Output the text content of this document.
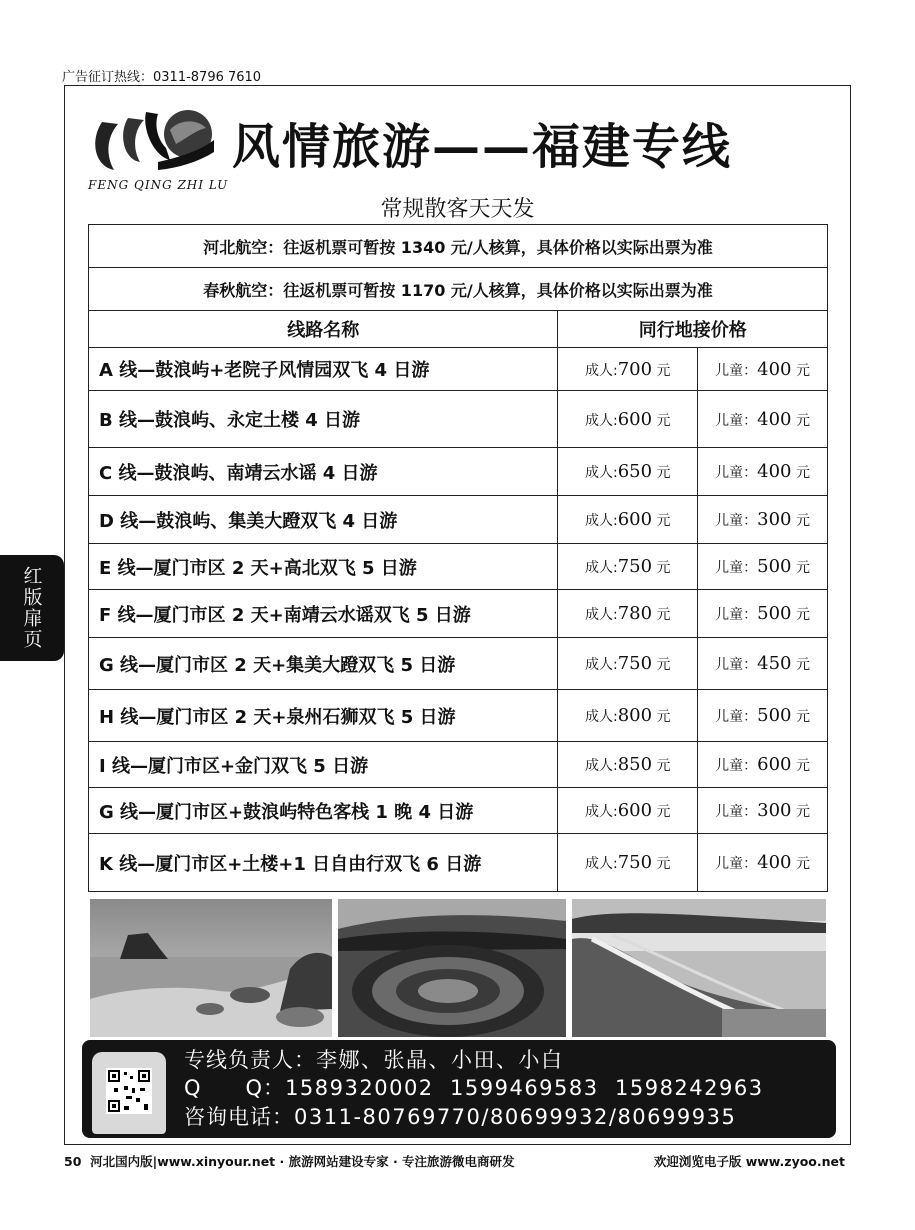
广告征订热线：0311-8796 7610
FENG QING ZHI LU
风情旅游——福建专线
常规散客天天发
河北航空：往返机票可暂按 1340 元/人核算，具体价格以实际出票为准		
春秋航空：往返机票可暂按 1170 元/人核算，具体价格以实际出票为准		
线路名称	同行地接价格	
A 线—鼓浪屿+老院子风情园双飞 4 日游	成人:700 元	儿童：400 元
B 线—鼓浪屿、永定土楼 4 日游	成人:600 元	儿童：400 元
C 线—鼓浪屿、南靖云水谣 4 日游	成人:650 元	儿童：400 元
D 线—鼓浪屿、集美大蹬双飞 4 日游	成人:600 元	儿童：300 元
E 线—厦门市区 2 天+高北双飞 5 日游	成人:750 元	儿童：500 元
F 线—厦门市区 2 天+南靖云水谣双飞 5 日游	成人:780 元	儿童：500 元
G 线—厦门市区 2 天+集美大蹬双飞 5 日游	成人:750 元	儿童：450 元
H 线—厦门市区 2 天+泉州石狮双飞 5 日游	成人:800 元	儿童：500 元
I 线—厦门市区+金门双飞 5 日游	成人:850 元	儿童：600 元
G 线—厦门市区+鼓浪屿特色客栈 1 晚 4 日游	成人:600 元	儿童：300 元
K 线—厦门市区+土楼+1 日自由行双飞 6 日游	成人:750 元	儿童：400 元
红版扉页
专线负责人：李娜、张晶、小田、小白
Q　　Q：1589320002  1599469583  1598242963
咨询电话：0311-80769770/80699932/80699935
50 河北国内版|www.xinyour.net · 旅游网站建设专家 · 专注旅游微电商研发	欢迎浏览电子版 www.zyoo.net
